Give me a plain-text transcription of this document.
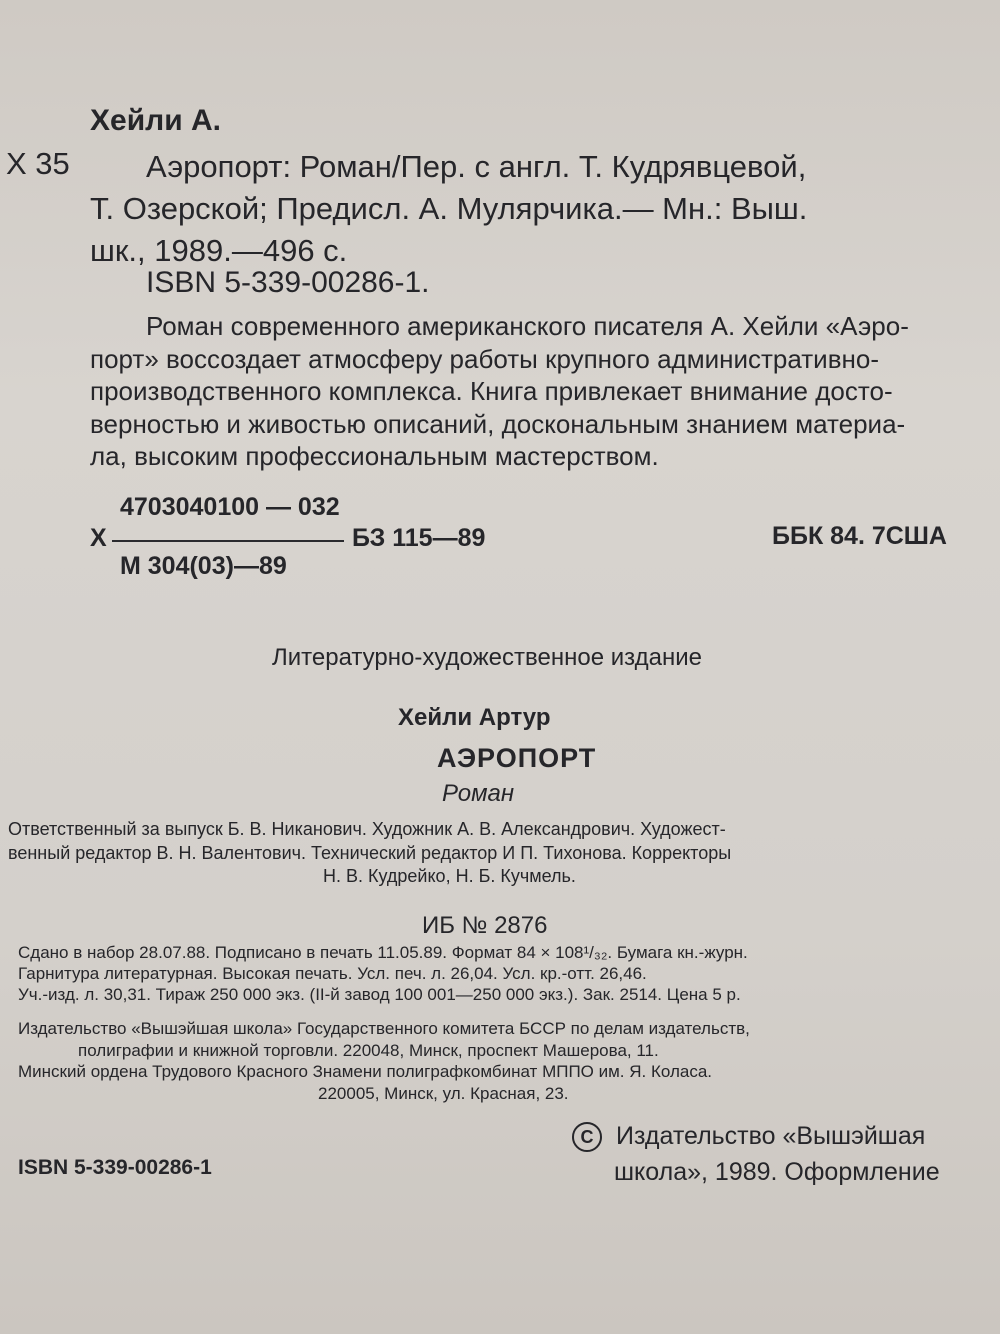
Хейли А.
Х 35	Аэропорт: Роман/Пер. с англ. Т. Кудрявцевой,
Т. Озерской; Предисл. А. Мулярчика.— Мн.: Выш.
шк., 1989.—496 с.
ISBN 5-339-00286-1.
Роман современного американского писателя А. Хейли «Аэро-
порт» воссоздает атмосферу работы крупного административно-
производственного комплекса. Книга привлекает внимание досто-
верностью и живостью описаний, доскональным знанием материа-
ла, высоким профессиональным мастерством.
Х
4703040100 — 032
М 304(03)—89
БЗ 115—89	ББК 84. 7США
Литературно-художественное издание
Хейли Артур
АЭРОПОРТ
Роман
Ответственный за выпуск Б. В. Никанович. Художник А. В. Александрович. Художест-
венный редактор В. Н. Валентович. Технический редактор И П. Тихонова. Корректоры
Н. В. Кудрейко, Н. Б. Кучмель.
ИБ № 2876
Сдано в набор 28.07.88. Подписано в печать 11.05.89. Формат 84 × 108¹/₃₂. Бумага кн.-журн.
Гарнитура литературная. Высокая печать. Усл. печ. л. 26,04. Усл. кр.-отт. 26,46.
Уч.-изд. л. 30,31. Тираж 250 000 экз. (II-й завод 100 001—250 000 экз.). Зак. 2514. Цена 5 р.
Издательство «Вышэйшая школа» Государственного комитета БССР по делам издательств,
полиграфии и книжной торговли. 220048, Минск, проспект Машерова, 11.
Минский ордена Трудового Красного Знамени полиграфкомбинат МППО им. Я. Коласа.
220005, Минск, ул. Красная, 23.
C Издательство «Вышэйшая
школа», 1989. Оформление
ISBN 5-339-00286-1
